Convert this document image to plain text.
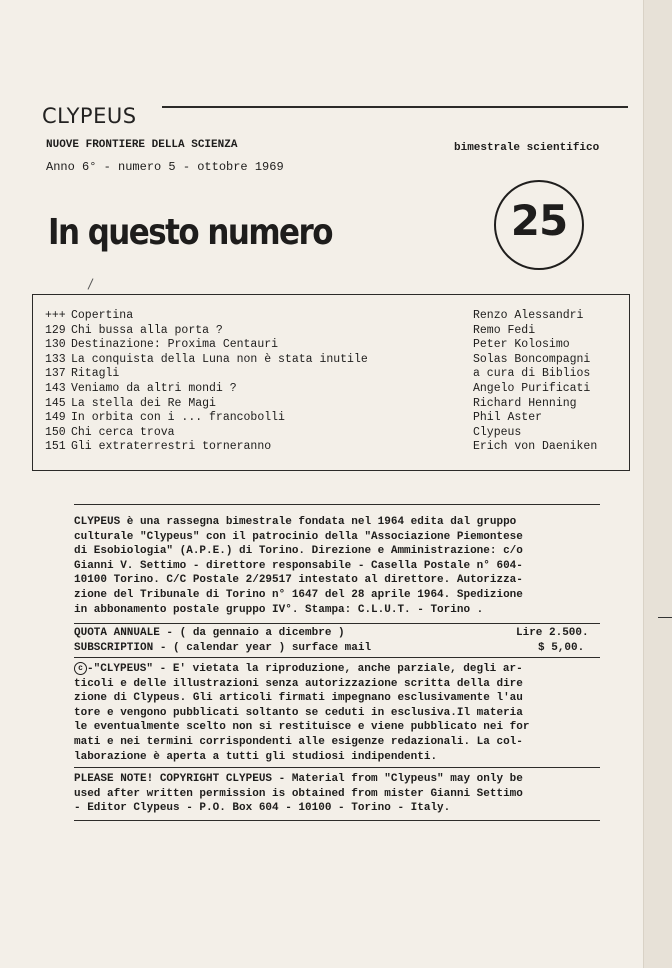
CLYPEUS
NUOVE FRONTIERE DELLA SCIENZA	bimestrale scientifico
Anno 6° - numero 5 - ottobre 1969
25
In questo numero
+++ Copertina	Renzo Alessandri
129 Chi bussa alla porta ?	Remo Fedi
130 Destinazione: Proxima Centauri	Peter Kolosimo
133 La conquista della Luna non è stata inutile	Solas Boncompagni
137 Ritagli	a cura di Biblios
143 Veniamo da altri mondi ?	Angelo Purificati
145 La stella dei Re Magi	Richard Henning
149 In orbita con i ... francobolli	Phil Aster
150 Chi cerca trova	Clypeus
151 Gli extraterrestri torneranno	Erich von Daeniken
CLYPEUS è una rassegna bimestrale fondata nel 1964 edita dal gruppo
culturale "Clypeus" con il patrocinio della "Associazione Piemontese
di Esobiologia" (A.P.E.) di Torino. Direzione e Amministrazione: c/o
Gianni V. Settimo - direttore responsabile - Casella Postale n° 604-
10100 Torino. C/C Postale 2/29517 intestato al direttore. Autorizza-
zione del Tribunale di Torino n° 1647 del 28 aprile 1964. Spedizione
in abbonamento postale gruppo IV°. Stampa: C.L.U.T. - Torino .
QUOTA ANNUALE - ( da gennaio a dicembre )	Lire 2.500.
SUBSCRIPTION - ( calendar year ) surface mail	$ 5,00.
c -"CLYPEUS" - E' vietata la riproduzione, anche parziale, degli ar-
ticoli e delle illustrazioni senza autorizzazione scritta della dire
zione di Clypeus. Gli articoli firmati impegnano esclusivamente l'au
tore e vengono pubblicati soltanto se ceduti in esclusiva.Il materia
le eventualmente scelto non si restituisce e viene pubblicato nei for
mati e nei termini corrispondenti alle esigenze redazionali. La col-
laborazione è aperta a tutti gli studiosi indipendenti.
PLEASE NOTE! COPYRIGHT CLYPEUS - Material from "Clypeus" may only be
used after written permission is obtained from mister Gianni Settimo
- Editor Clypeus - P.O. Box 604 - 10100 - Torino - Italy.
